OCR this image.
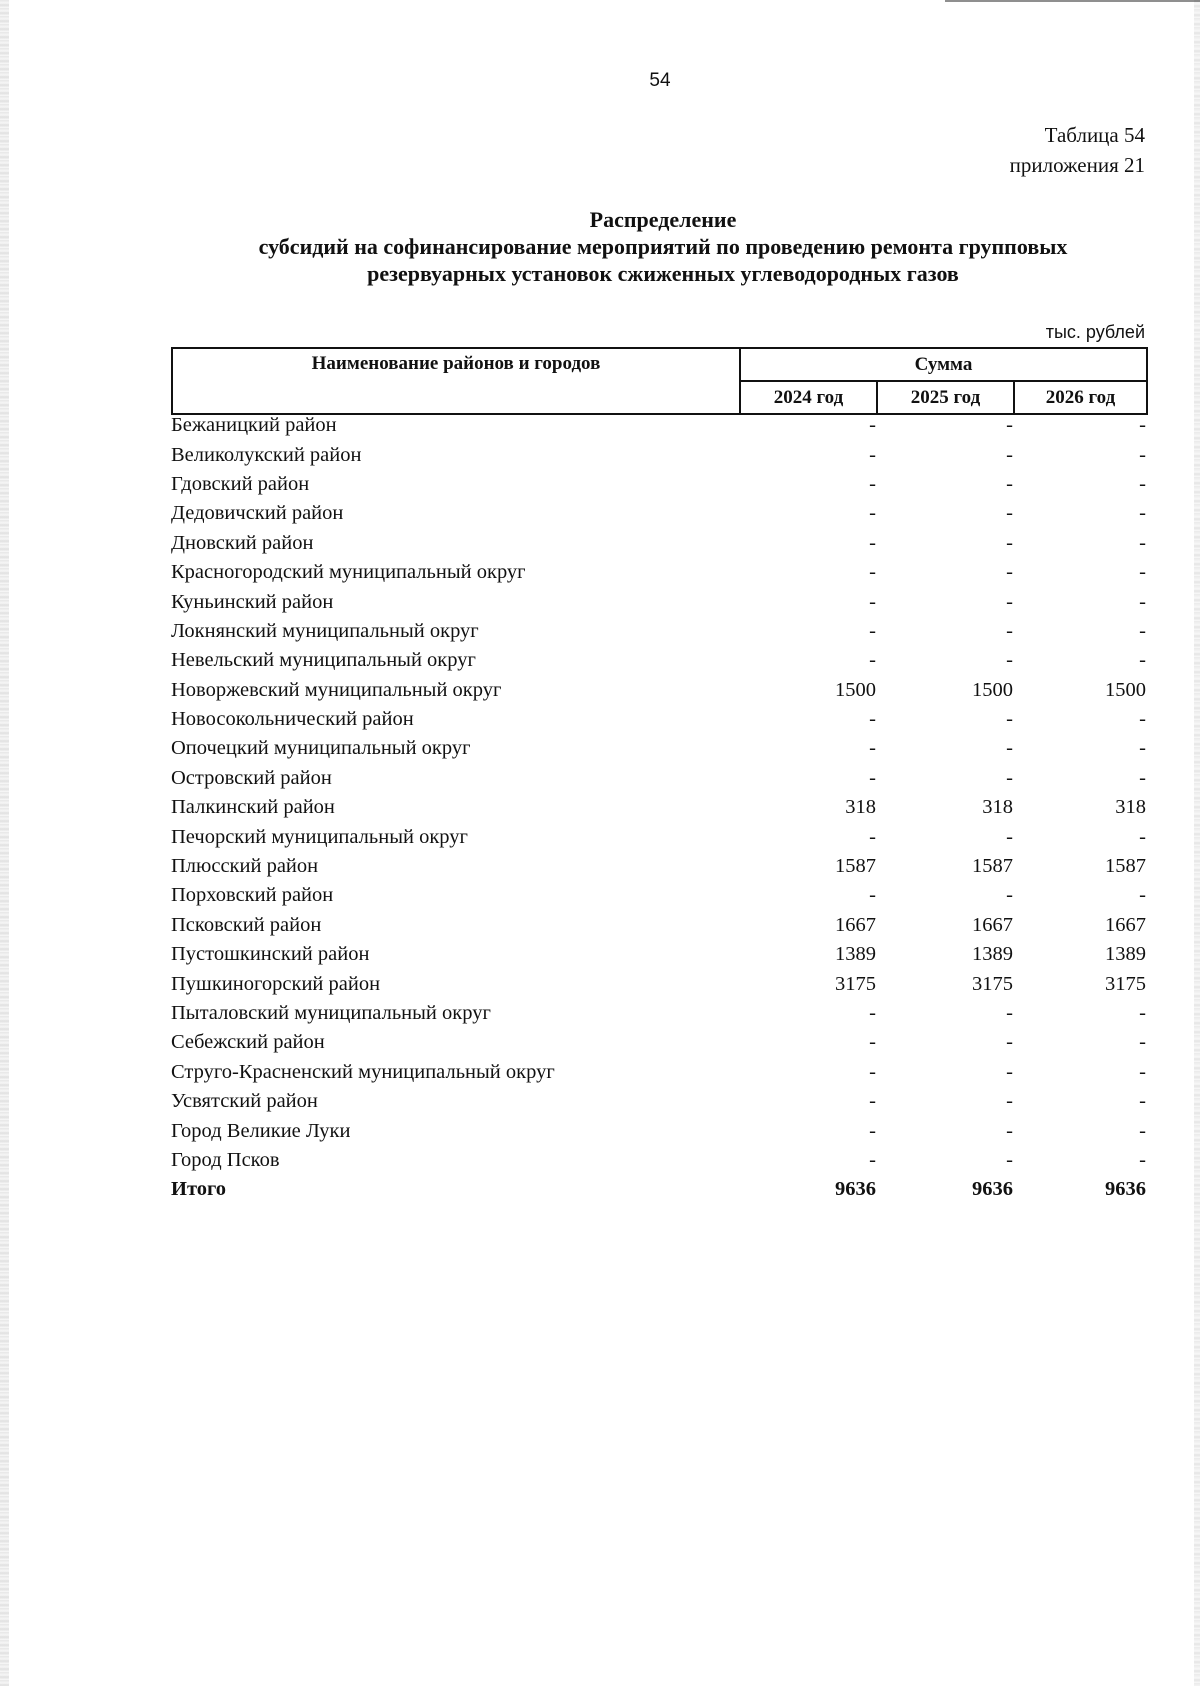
54
Таблица 54
приложения 21
Распределение
субсидий на софинансирование мероприятий по проведению ремонта групповых
резервуарных установок сжиженных углеводородных газов
тыс. рублей
Наименование районов и городов	Сумма		
	2024 год	2025 год	2026 год
Бежаницкий район	-	-	-
Великолукский район	-	-	-
Гдовский район	-	-	-
Дедовичский район	-	-	-
Дновский район	-	-	-
Красногородский муниципальный округ	-	-	-
Куньинский район	-	-	-
Локнянский муниципальный округ	-	-	-
Невельский муниципальный округ	-	-	-
Новоржевский муниципальный округ	1500	1500	1500
Новосокольнический район	-	-	-
Опочецкий муниципальный округ	-	-	-
Островский район	-	-	-
Палкинский район	318	318	318
Печорский муниципальный округ	-	-	-
Плюсский район	1587	1587	1587
Порховский район	-	-	-
Псковский район	1667	1667	1667
Пустошкинский район	1389	1389	1389
Пушкиногорский район	3175	3175	3175
Пыталовский муниципальный округ	-	-	-
Себежский район	-	-	-
Струго-Красненский муниципальный округ	-	-	-
Усвятский район	-	-	-
Город Великие Луки	-	-	-
Город Псков	-	-	-
Итого	9636	9636	9636
